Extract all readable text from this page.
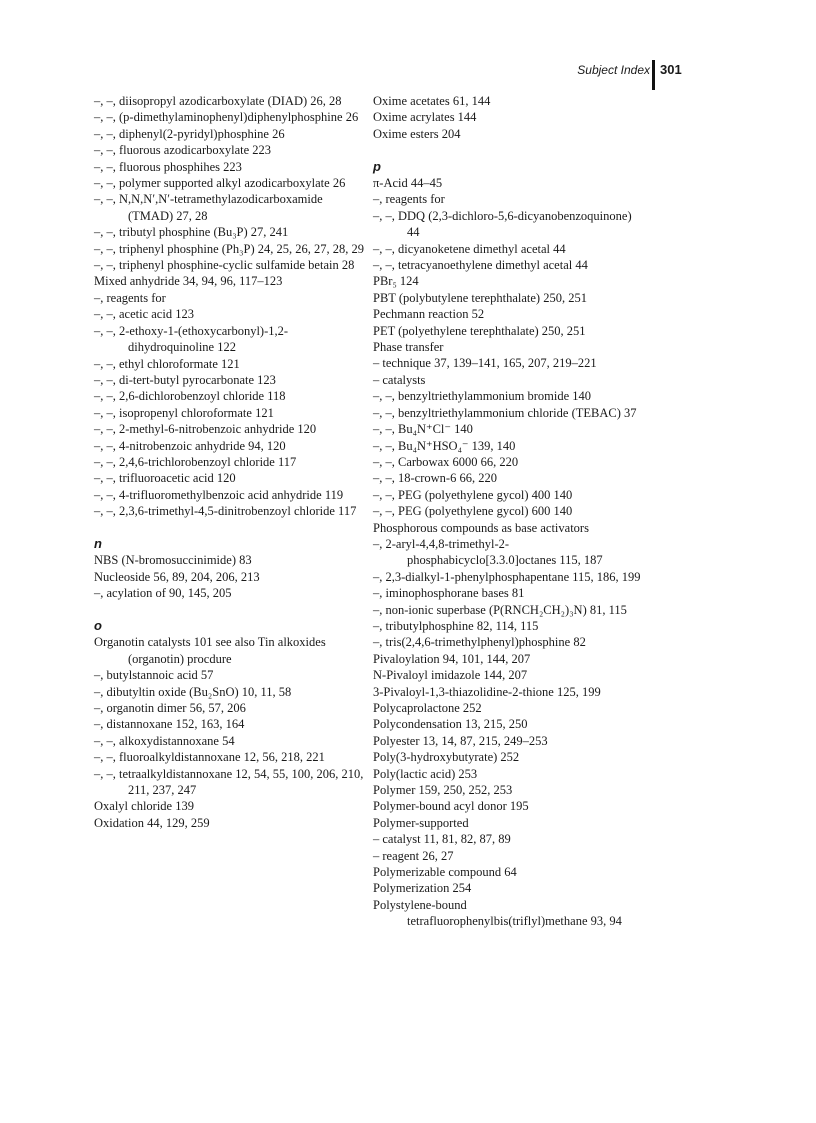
Subject Index 301
–, –, diisopropyl azodicarboxylate (DIAD) 26, 28
–, –, (p-dimethylaminophenyl)diphenylphosphine 26
–, –, diphenyl(2-pyridyl)phosphine 26
–, –, fluorous azodicarboxylate 223
–, –, fluorous phosphihes 223
–, –, polymer supported alkyl azodicarboxylate 26
–, –, N,N,N′,N′-tetramethylazodicarboxamide (TMAD) 27, 28
–, –, tributyl phosphine (Bu₃P) 27, 241
–, –, triphenyl phosphine (Ph₃P) 24, 25, 26, 27, 28, 29
–, –, triphenyl phosphine-cyclic sulfamide betain 28
Mixed anhydride 34, 94, 96, 117–123
–, reagents for
–, –, acetic acid 123
–, –, 2-ethoxy-1-(ethoxycarbonyl)-1,2-dihydroquinoline 122
–, –, ethyl chloroformate 121
–, –, di-tert-butyl pyrocarbonate 123
–, –, 2,6-dichlorobenzoyl chloride 118
–, –, isopropenyl chloroformate 121
–, –, 2-methyl-6-nitrobenzoic anhydride 120
–, –, 4-nitrobenzoic anhydride 94, 120
–, –, 2,4,6-trichlorobenzoyl chloride 117
–, –, trifluoroacetic acid 120
–, –, 4-trifluoromethylbenzoic acid anhydride 119
–, –, 2,3,6-trimethyl-4,5-dinitrobenzoyl chloride 117
n
NBS (N-bromosuccinimide) 83
Nucleoside 56, 89, 204, 206, 213
–, acylation of 90, 145, 205
o
Organotin catalysts 101 see also Tin alkoxides (organotin) procdure
–, butylstannoic acid 57
–, dibutyltin oxide (Bu₂SnO) 10, 11, 58
–, organotin dimer 56, 57, 206
–, distannoxane 152, 163, 164
–, –, alkoxydistannoxane 54
–, –, fluoroalkyldistannoxane 12, 56, 218, 221
–, –, tetraalkyldistannoxane 12, 54, 55, 100, 206, 210, 211, 237, 247
Oxalyl chloride 139
Oxidation 44, 129, 259
Oxime acetates 61, 144
Oxime acrylates 144
Oxime esters 204
p
π-Acid 44–45
–, reagents for
–, –, DDQ (2,3-dichloro-5,6-dicyanobenzoquinone) 44
–, –, dicyanoketene dimethyl acetal 44
–, –, tetracyanoethylene dimethyl acetal 44
PBr₅ 124
PBT (polybutylene terephthalate) 250, 251
Pechmann reaction 52
PET (polyethylene terephthalate) 250, 251
Phase transfer
– technique 37, 139–141, 165, 207, 219–221
– catalysts
–, –, benzyltriethylammonium bromide 140
–, –, benzyltriethylammonium chloride (TEBAC) 37
–, –, Bu₄N⁺Cl⁻ 140
–, –, Bu₄N⁺HSO₄⁻ 139, 140
–, –, Carbowax 6000 66, 220
–, –, 18-crown-6 66, 220
–, –, PEG (polyethylene gycol) 400 140
–, –, PEG (polyethylene gycol) 600 140
Phosphorous compounds as base activators
–, 2-aryl-4,4,8-trimethyl-2-phosphabicyclo[3.3.0]octanes 115, 187
–, 2,3-dialkyl-1-phenylphosphapentane 115, 186, 199
–, iminophosphorane bases 81
–, non-ionic superbase (P(RNCH₂CH₂)₃N) 81, 115
–, tributylphosphine 82, 114, 115
–, tris(2,4,6-trimethylphenyl)phosphine 82
Pivaloylation 94, 101, 144, 207
N-Pivaloyl imidazole 144, 207
3-Pivaloyl-1,3-thiazolidine-2-thione 125, 199
Polycaprolactone 252
Polycondensation 13, 215, 250
Polyester 13, 14, 87, 215, 249–253
Poly(3-hydroxybutyrate) 252
Poly(lactic acid) 253
Polymer 159, 250, 252, 253
Polymer-bound acyl donor 195
Polymer-supported
– catalyst 11, 81, 82, 87, 89
– reagent 26, 27
Polymerizable compound 64
Polymerization 254
Polystylene-bound tetrafluorophenylbis(triflyl)methane 93, 94
